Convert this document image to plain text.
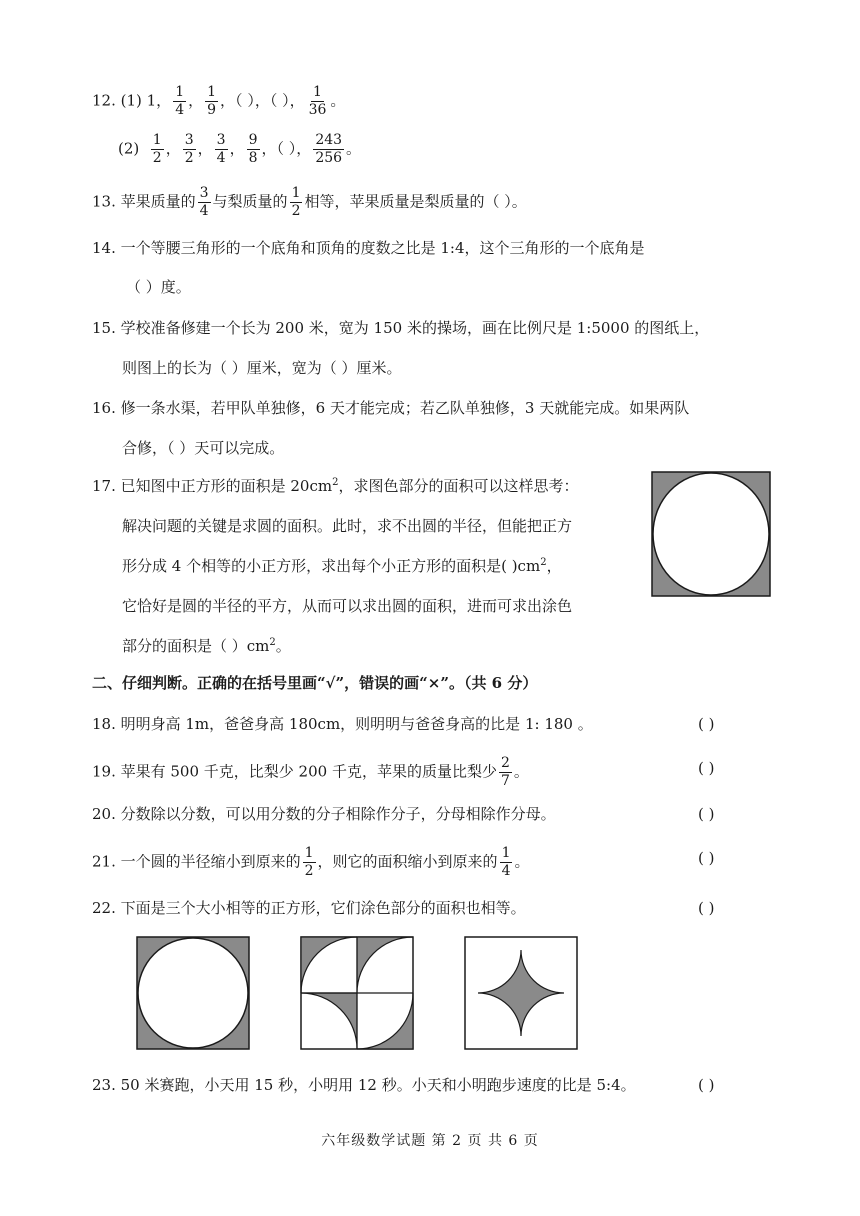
12. (1) 1， $\frac{1}{4}$ ， $\frac{1}{9}$ ，（ ），（ ）， $\frac{1}{36}$ 。
$(2) \frac{1}{2}$ ， $\frac{3}{2}$ ， $\frac{3}{4}$ ， $\frac{9}{8}$ ，（ ）， $\frac{243}{256}$ 。
13. 苹果质量的 $\frac{3}{4}$ 与梨质量的 $\frac{1}{2}$ 相等，苹果质量是梨质量的（ ）。
14. 一个等腰三角形的一个底角和顶角的度数之比是 1:4，这个三角形的一个底角是
（ ）度。
15. 学校准备修建一个长为 200 米，宽为 150 米的操场，画在比例尺是 1:5000 的图纸上，
则图上的长为（ ）厘米，宽为（ ）厘米。
16. 修一条水渠，若甲队单独修，6 天才能完成；若乙队单独修，3 天就能完成。如果两队
合修，（ ）天可以完成。
17. 已知图中正方形的面积是 $20cm^2$，求图色部分的面积可以这样思考：
解决问题的关键是求圆的面积。此时，求不出圆的半径，但能把正方
形分成 4 个相等的小正方形，求出每个小正方形的面积是( )$cm^2$，
它恰好是圆的半径的平方，从而可以求出圆的面积，进而可求出涂色
部分的面积是（ ）$cm^2$。
二、仔细判断。正确的在括号里画“√”，错误的画“×”。（共 6 分）
18. 明明身高 1m，爸爸身高 180cm，则明明与爸爸身高的比是 1: 180 。	( )
19. 苹果有 500 千克，比梨少 200 千克，苹果的质量比梨少 $\frac{2}{7}$ 。	( )
20. 分数除以分数，可以用分数的分子相除作分子，分母相除作分母。	( )
21. 一个圆的半径缩小到原来的 $\frac{1}{2}$ ，则它的面积缩小到原来的 $\frac{1}{4}$ 。	( )
22. 下面是三个大小相等的正方形，它们涂色部分的面积也相等。	( )
23. 50 米赛跑，小天用 15 秒，小明用 12 秒。小天和小明跑步速度的比是 5:4。	( )
六年级数学试题 第 2 页 共 6 页
